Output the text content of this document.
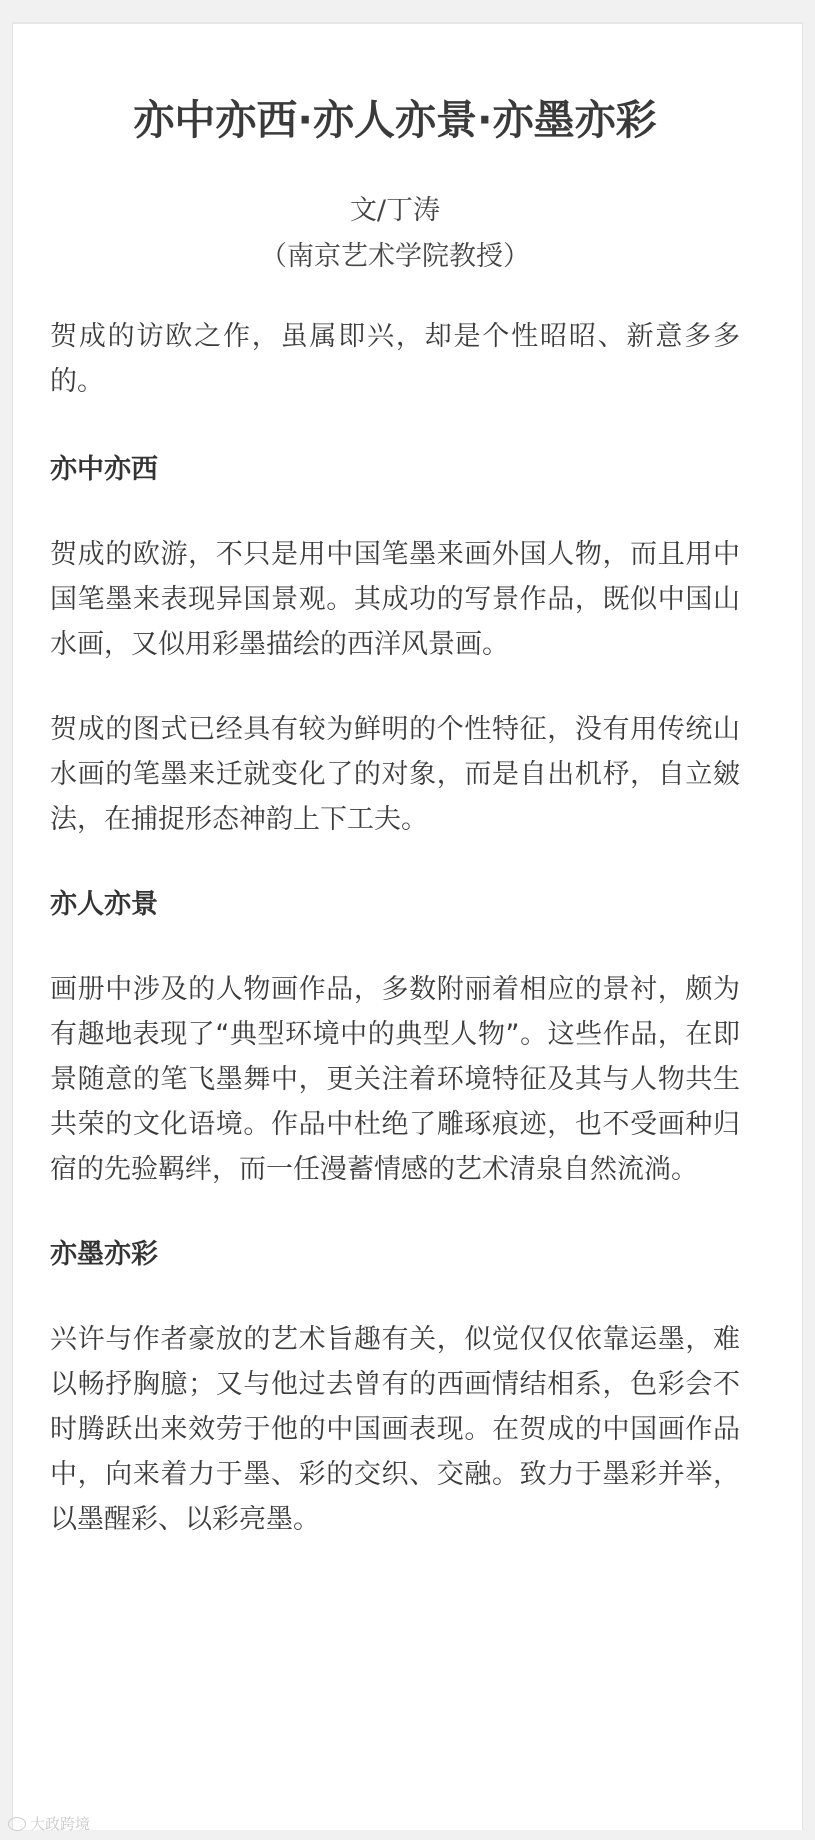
亦中亦西·亦人亦景·亦墨亦彩
文/丁涛
（南京艺术学院教授）

贺成的访欧之作，虽属即兴，却是个性昭昭、新意多多的。

亦中亦西

贺成的欧游，不只是用中国笔墨来画外国人物，而且用中国笔墨来表现异国景观。其成功的写景作品，既似中国山水画，又似用彩墨描绘的西洋风景画。

贺成的图式已经具有较为鲜明的个性特征，没有用传统山水画的笔墨来迁就变化了的对象，而是自出机杼，自立皴法，在捕捉形态神韵上下工夫。

亦人亦景

画册中涉及的人物画作品，多数附丽着相应的景衬，颇为有趣地表现了“典型环境中的典型人物”。这些作品，在即景随意的笔飞墨舞中，更关注着环境特征及其与人物共生共荣的文化语境。作品中杜绝了雕琢痕迹，也不受画种归宿的先验羁绊，而一任漫蓄情感的艺术清泉自然流淌。

亦墨亦彩

兴许与作者豪放的艺术旨趣有关，似觉仅仅依靠运墨，难以畅抒胸臆；又与他过去曾有的西画情结相系，色彩会不时腾跃出来效劳于他的中国画表现。在贺成的中国画作品中，向来着力于墨、彩的交织、交融。致力于墨彩并举，以墨醒彩、以彩亮墨。

大政跨境
